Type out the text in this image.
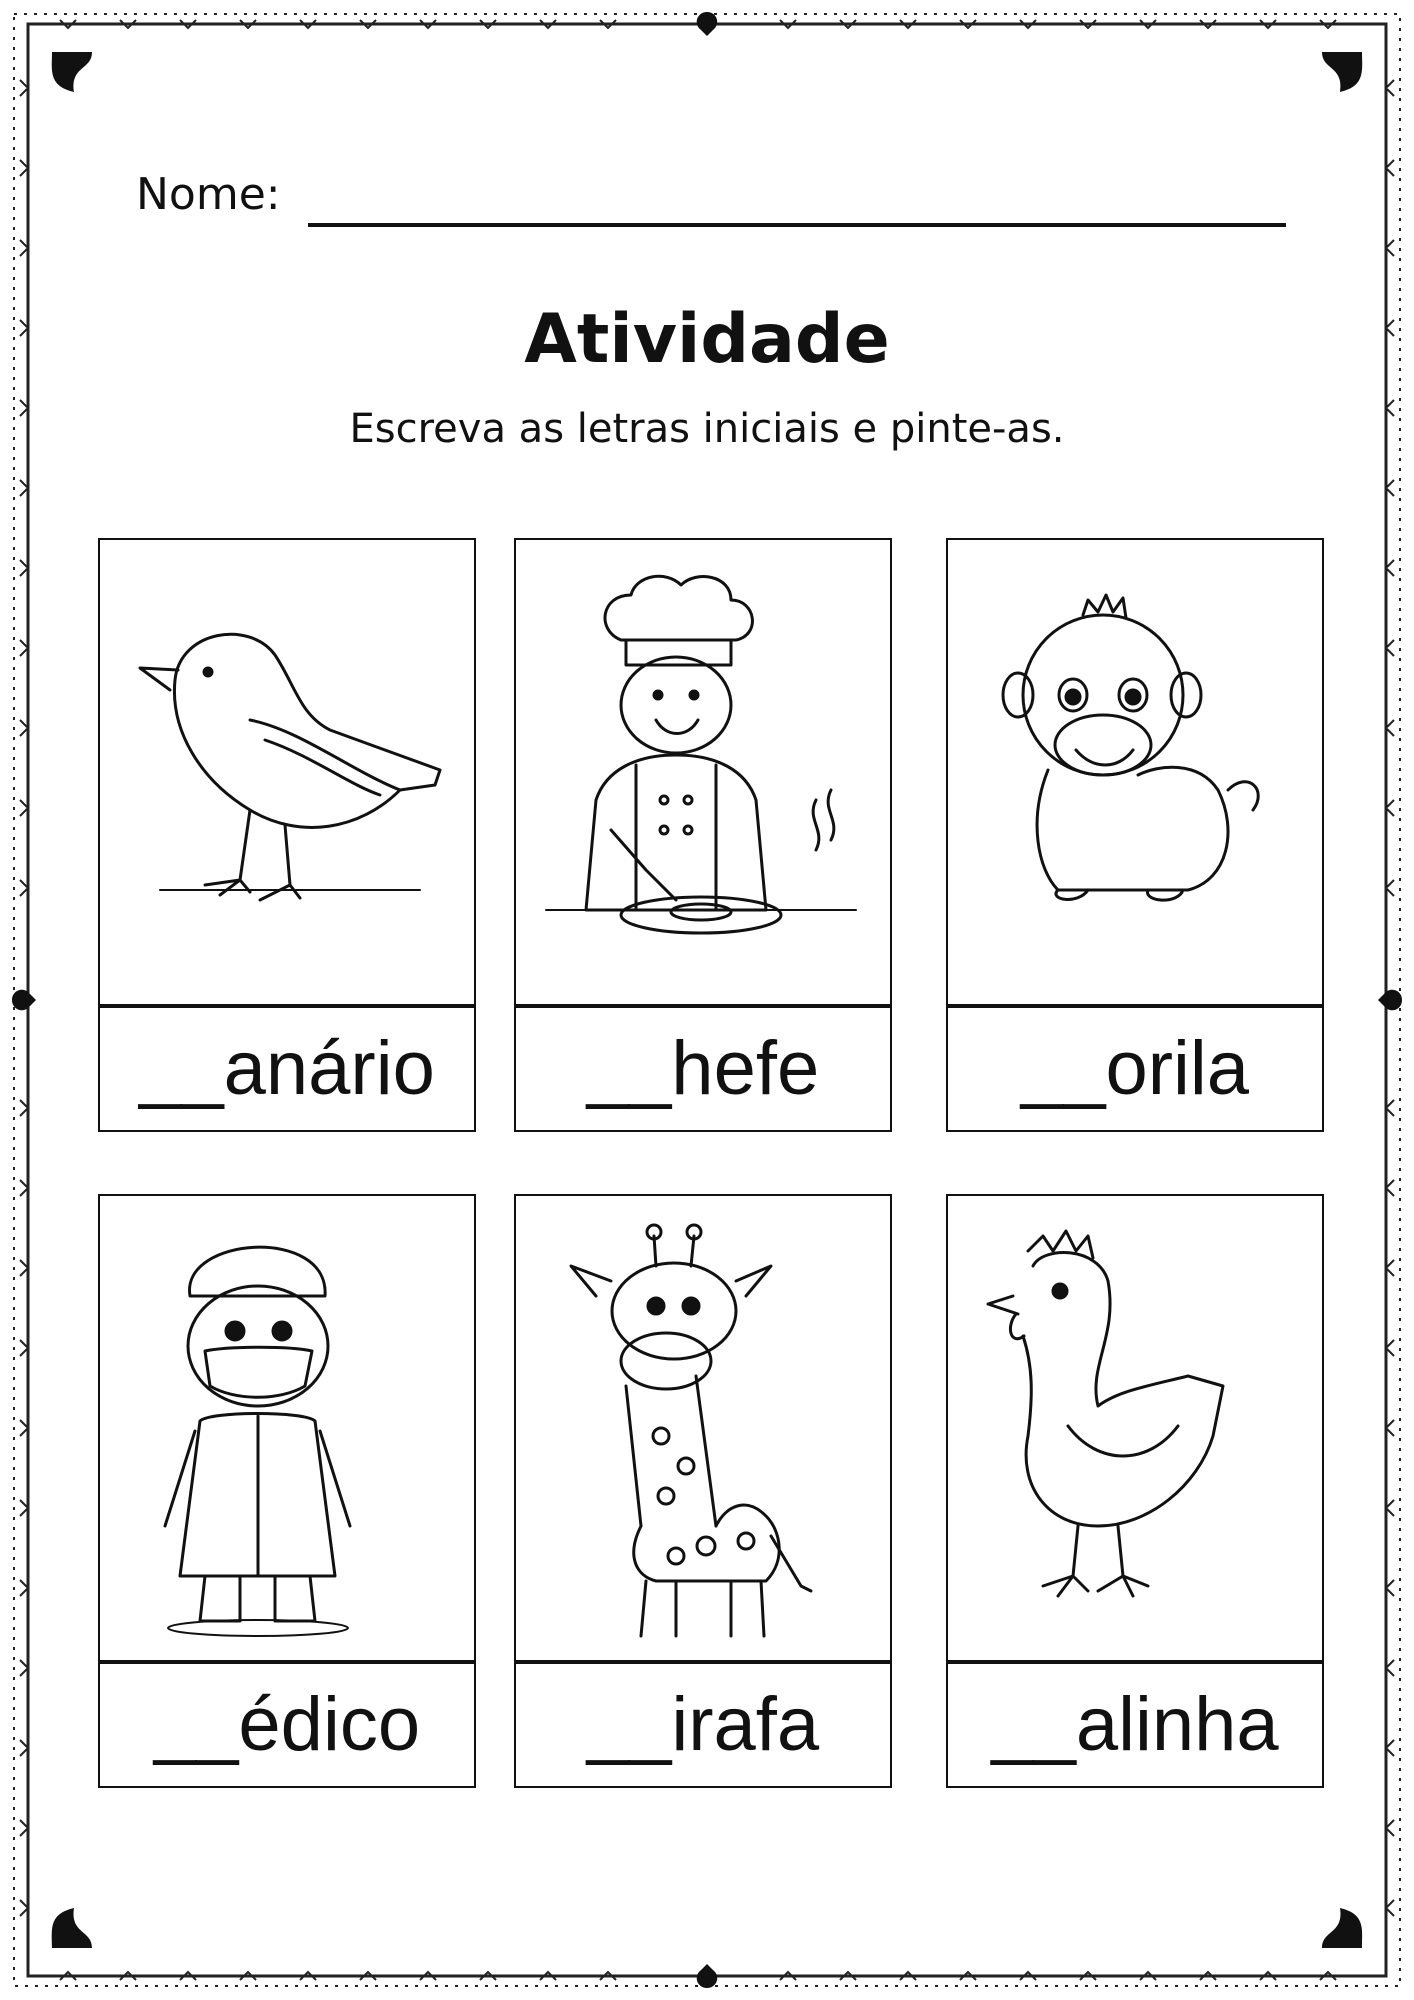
Nome:
Atividade
Escreva as letras iniciais e pinte-as.
__anário	__hefe	__orila
__édico	__irafa	__alinha
